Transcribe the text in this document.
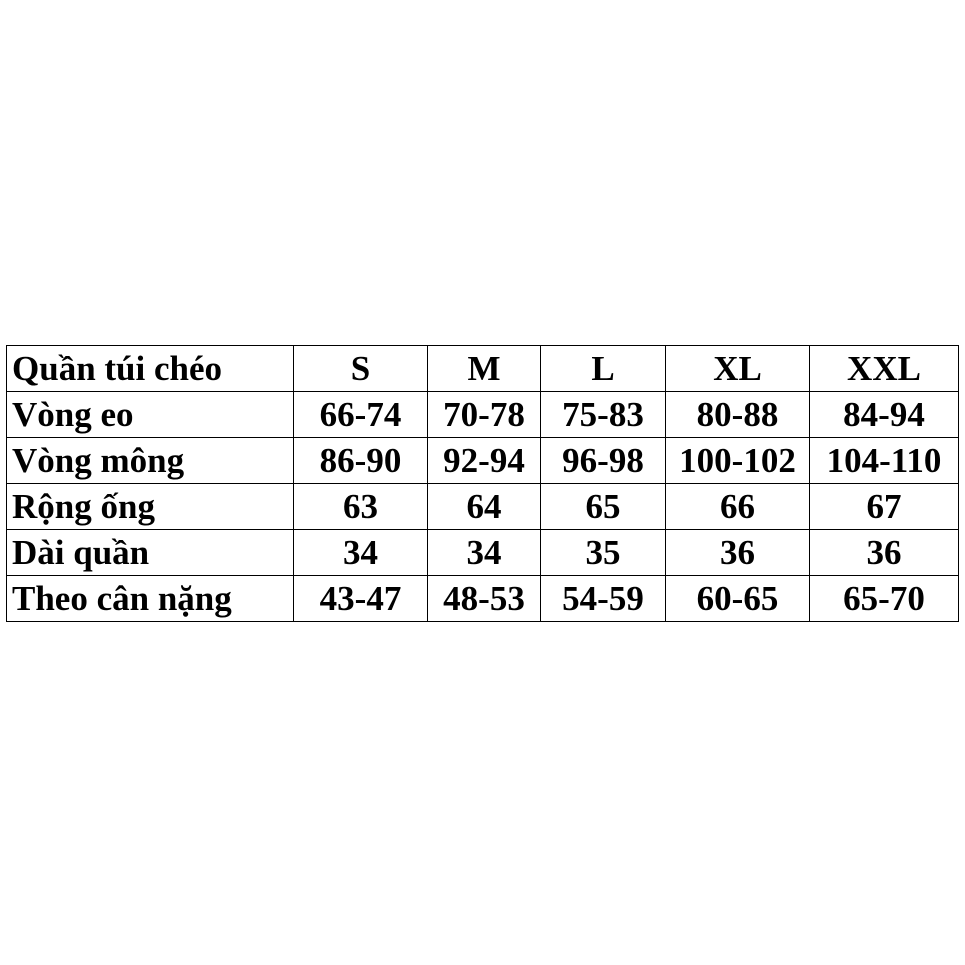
Quần túi chéo	S	M	L	XL	XXL
Vòng eo	66-74	70-78	75-83	80-88	84-94
Vòng mông	86-90	92-94	96-98	100-102	104-110
Rộng ống	63	64	65	66	67
Dài quần	34	34	35	36	36
Theo cân nặng	43-47	48-53	54-59	60-65	65-70
